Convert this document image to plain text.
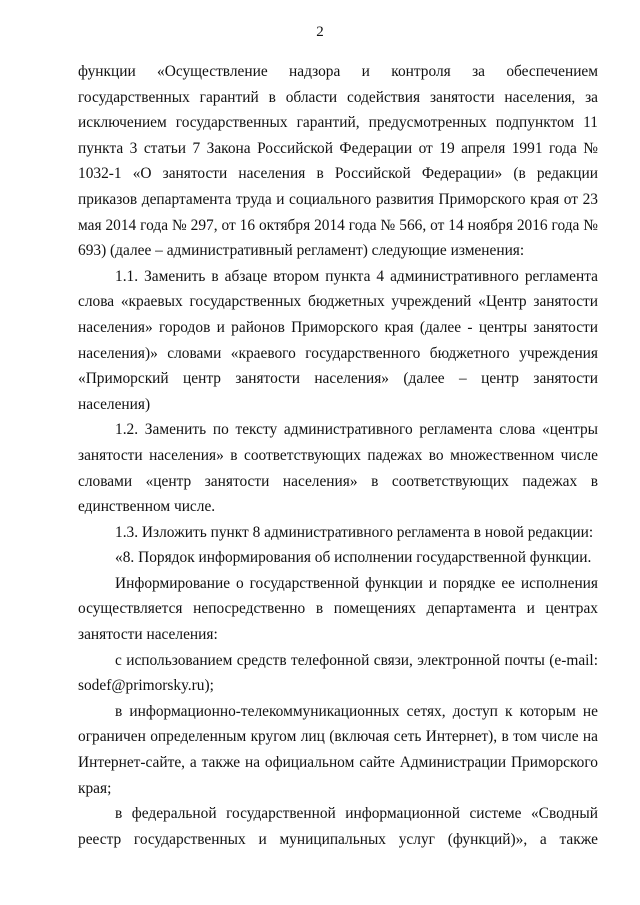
2

функции «Осуществление надзора и контроля за обеспечением государственных гарантий в области содействия занятости населения, за исключением государственных гарантий, предусмотренных подпунктом 11 пункта 3 статьи 7 Закона Российской Федерации от 19 апреля 1991 года № 1032-1 «О занятости населения в Российской Федерации» (в редакции приказов департамента труда и социального развития Приморского края от 23 мая 2014 года № 297, от 16 октября 2014 года № 566, от 14 ноября 2016 года № 693) (далее – административный регламент) следующие изменения:

1.1. Заменить в абзаце втором пункта 4 административного регламента слова «краевых государственных бюджетных учреждений «Центр занятости населения» городов и районов Приморского края (далее - центры занятости населения)» словами «краевого государственного бюджетного учреждения «Приморский центр занятости населения» (далее – центр занятости населения)

1.2. Заменить по тексту административного регламента слова «центры занятости населения» в соответствующих падежах во множественном числе словами «центр занятости населения» в соответствующих падежах в единственном числе.

1.3. Изложить пункт 8 административного регламента в новой редакции:

«8. Порядок информирования об исполнении государственной функции.

Информирование о государственной функции и порядке ее исполнения осуществляется непосредственно в помещениях департамента и центрах занятости населения:

с использованием средств телефонной связи, электронной почты (e-mail: sodef@primorsky.ru);

в информационно-телекоммуникационных сетях, доступ к которым не ограничен определенным кругом лиц (включая сеть Интернет), в том числе на Интернет-сайте, а также на официальном сайте Администрации Приморского края;

в федеральной государственной информационной системе «Сводный реестр государственных и муниципальных услуг (функций)», а также
